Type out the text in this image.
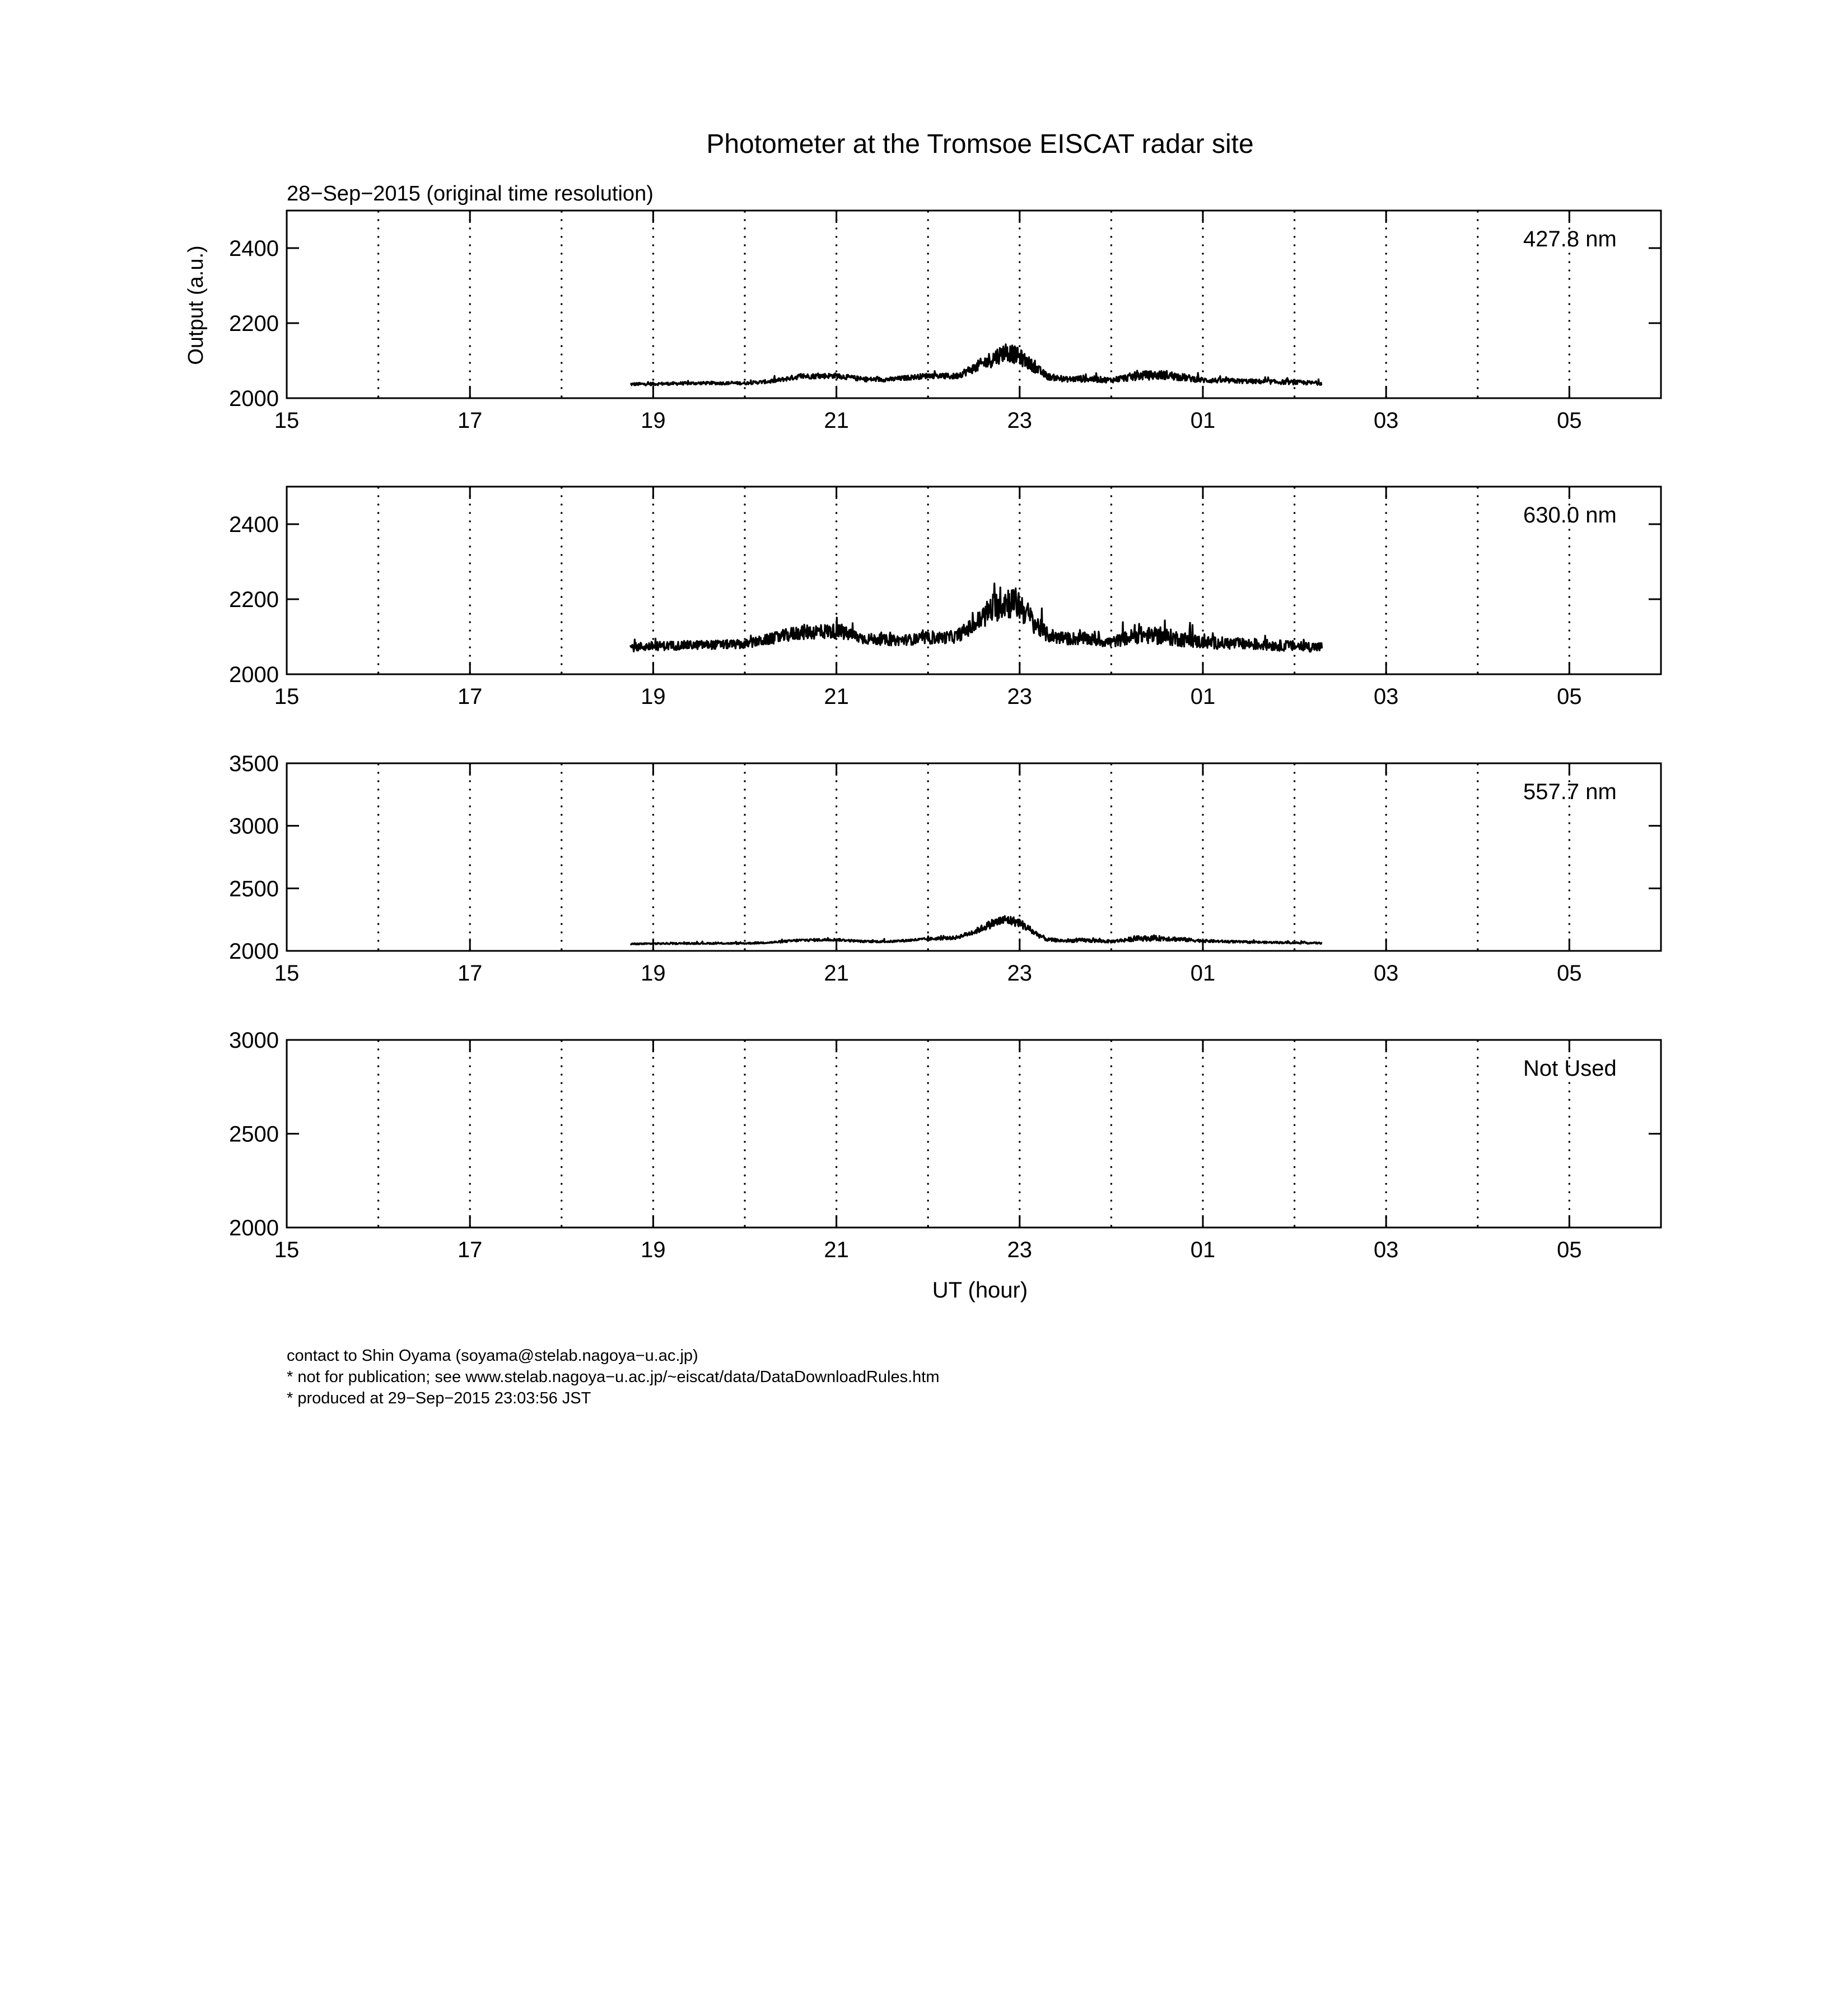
Photometer at the Tromsoe EISCAT radar site
28−Sep−2015 (original time resolution)
Output (a.u.)
UT (hour)
15	17	19	21	23	01	03	05
2000
2200
2400	427.8 nm
15	17	19	21	23	01	03	05
2000
2200
2400	630.0 nm
15	17	19	21	23	01	03	05
2000
2500
3000
3500
557.7 nm
15	17	19	21	23	01	03	05
2000
2500
3000
Not Used
contact to Shin Oyama (soyama@stelab.nagoya−u.ac.jp)
* not for publication; see www.stelab.nagoya−u.ac.jp/~eiscat/data/DataDownloadRules.htm
* produced at 29−Sep−2015 23:03:56 JST
